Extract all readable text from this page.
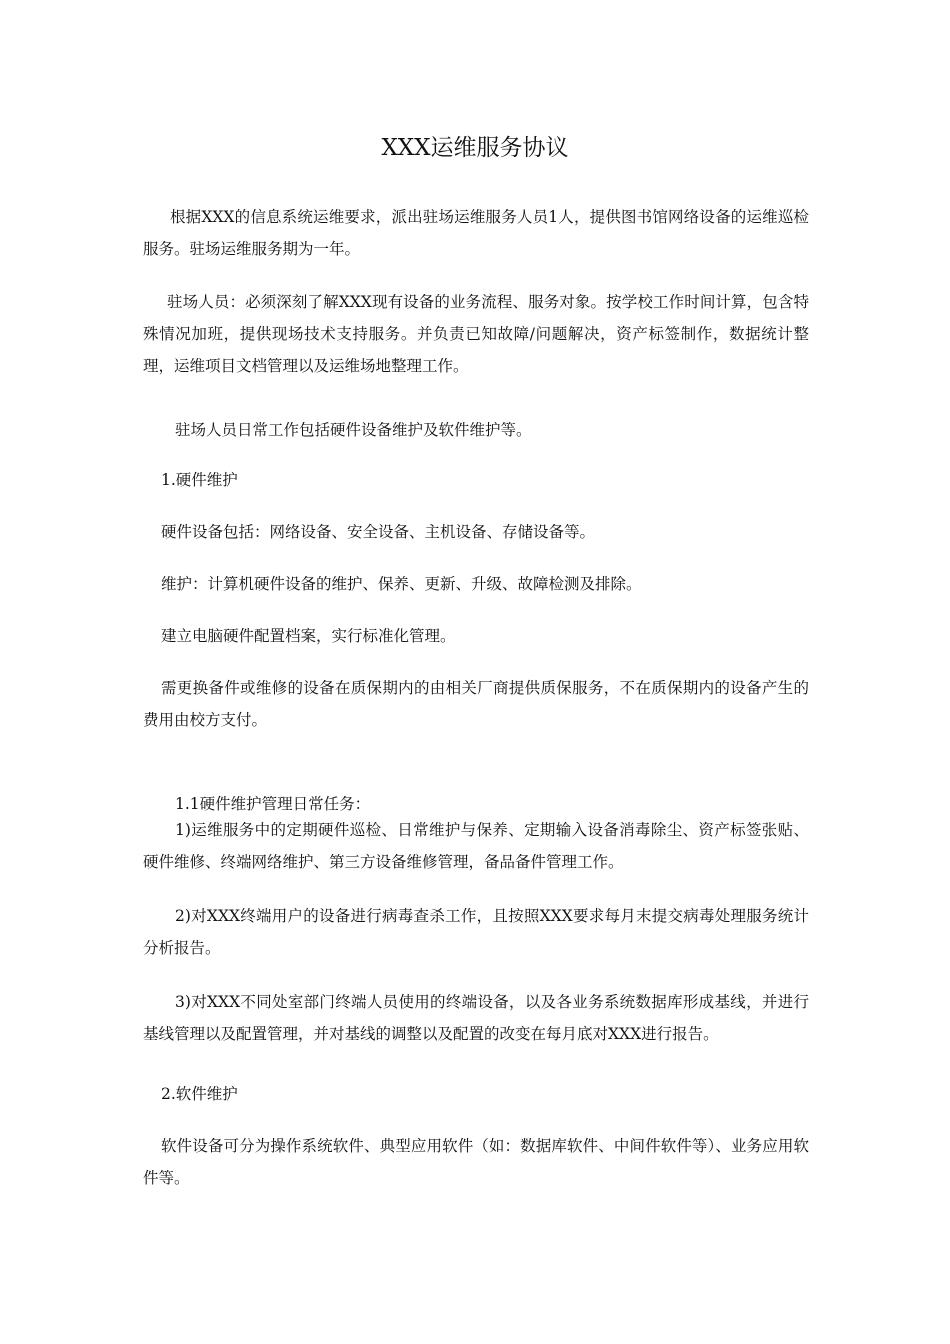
XXX运维服务协议
根据XXX的信息系统运维要求，派出驻场运维服务人员1人，提供图书馆网络设备的运维巡检服务。驻场运维服务期为一年。
驻场人员：必须深刻了解XXX现有设备的业务流程、服务对象。按学校工作时间计算，包含特殊情况加班，提供现场技术支持服务。并负责已知故障/问题解决，资产标签制作，数据统计整理，运维项目文档管理以及运维场地整理工作。
驻场人员日常工作包括硬件设备维护及软件维护等。
1.硬件维护
硬件设备包括：网络设备、安全设备、主机设备、存储设备等。
维护：计算机硬件设备的维护、保养、更新、升级、故障检测及排除。
建立电脑硬件配置档案，实行标准化管理。
需更换备件或维修的设备在质保期内的由相关厂商提供质保服务，不在质保期内的设备产生的费用由校方支付。
1.1硬件维护管理日常任务：
1)运维服务中的定期硬件巡检、日常维护与保养、定期输入设备消毒除尘、资产标签张贴、硬件维修、终端网络维护、第三方设备维修管理，备品备件管理工作。
2)对XXX终端用户的设备进行病毒查杀工作，且按照XXX要求每月末提交病毒处理服务统计分析报告。
3)对XXX不同处室部门终端人员使用的终端设备，以及各业务系统数据库形成基线，并进行基线管理以及配置管理，并对基线的调整以及配置的改变在每月底对XXX进行报告。
2.软件维护
软件设备可分为操作系统软件、典型应用软件（如：数据库软件、中间件软件等）、业务应用软件等。
